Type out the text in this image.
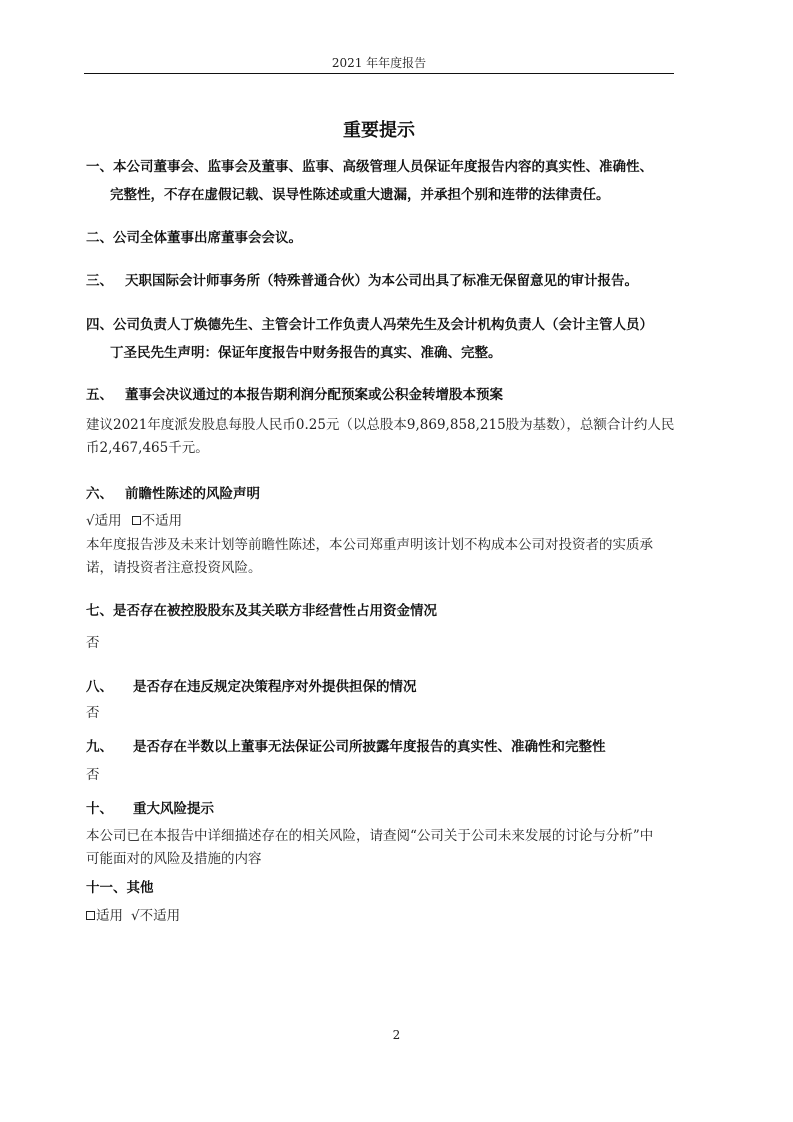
2021 年年度报告
重要提示
一、本公司董事会、监事会及董事、监事、高级管理人员保证年度报告内容的真实性、准确性、
完整性，不存在虚假记载、误导性陈述或重大遗漏，并承担个别和连带的法律责任。
二、公司全体董事出席董事会会议。
三、 天职国际会计师事务所（特殊普通合伙）为本公司出具了标准无保留意见的审计报告。
四、公司负责人丁焕德先生、主管会计工作负责人冯荣先生及会计机构负责人（会计主管人员）
丁圣民先生声明：保证年度报告中财务报告的真实、准确、完整。
五、 董事会决议通过的本报告期利润分配预案或公积金转增股本预案
建议2021年度派发股息每股人民币0.25元（以总股本9,869,858,215股为基数），总额合计约人民
币2,467,465千元。
六、 前瞻性陈述的风险声明
√适用 不适用
本年度报告涉及未来计划等前瞻性陈述，本公司郑重声明该计划不构成本公司对投资者的实质承
诺，请投资者注意投资风险。
七、是否存在被控股股东及其关联方非经营性占用资金情况
否
八、 是否存在违反规定决策程序对外提供担保的情况
否
九、 是否存在半数以上董事无法保证公司所披露年度报告的真实性、准确性和完整性
否
十、 重大风险提示
本公司已在本报告中详细描述存在的相关风险，请查阅“公司关于公司未来发展的讨论与分析”中
可能面对的风险及措施的内容
十一、其他
适用 √不适用
2
